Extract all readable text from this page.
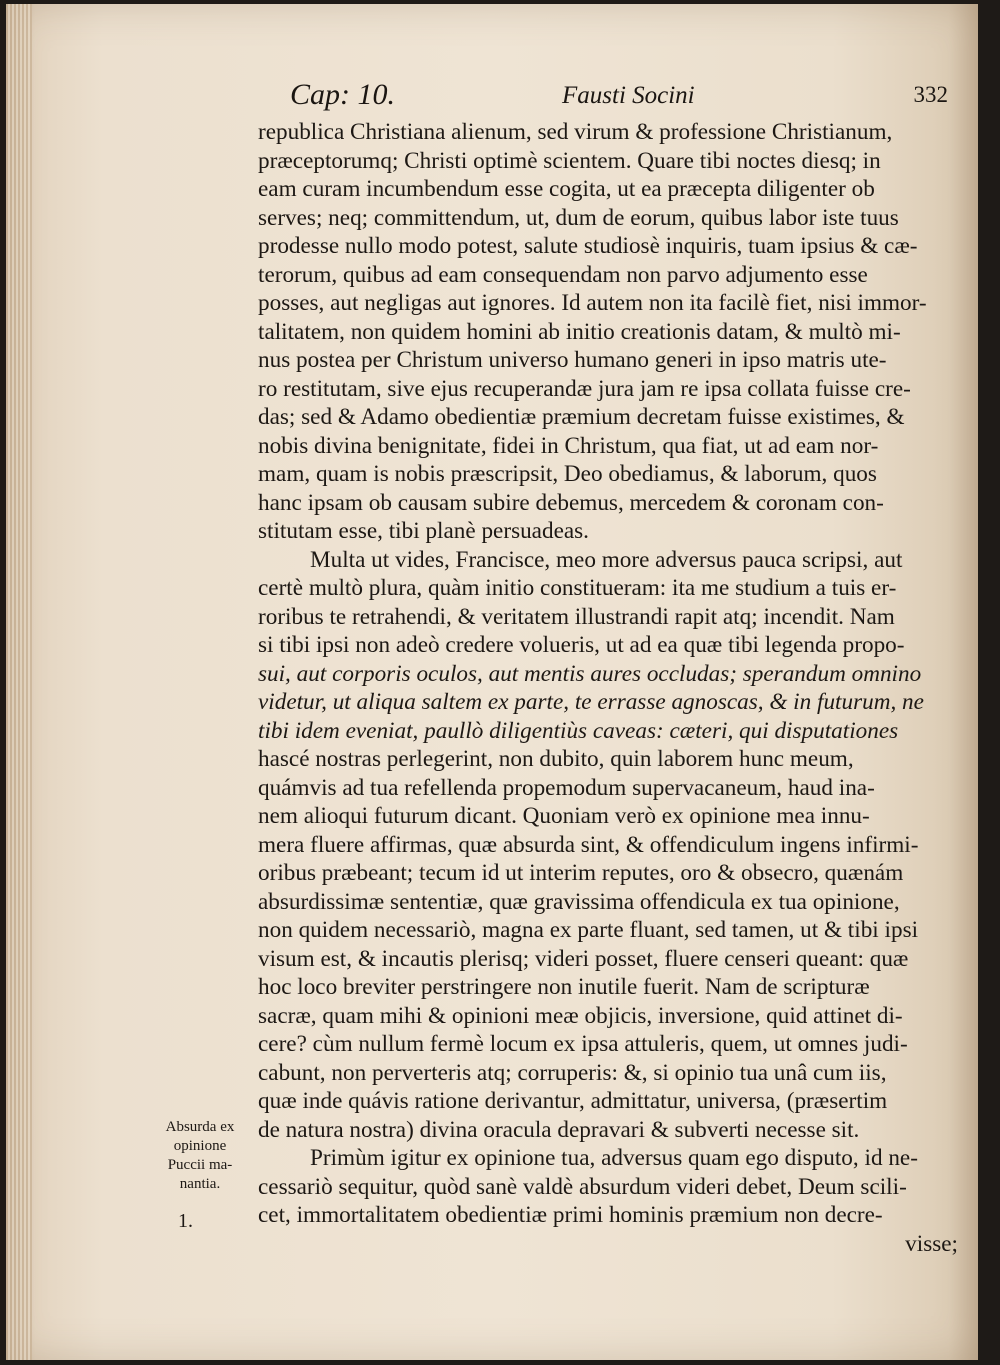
Cap: 10.	Fausti Socini	332
republica Christiana alienum, sed virum & professione Christianum,
præceptorumq; Christi optimè scientem. Quare tibi noctes diesq; in
eam curam incumbendum esse cogita, ut ea præcepta diligenter ob
serves; neq; committendum, ut, dum de eorum, quibus labor iste tuus
prodesse nullo modo potest, salute studiosè inquiris, tuam ipsius & cæ-
terorum, quibus ad eam consequendam non parvo adjumento esse
posses, aut negligas aut ignores. Id autem non ita facilè fiet, nisi immor-
talitatem, non quidem homini ab initio creationis datam, & multò mi-
nus postea per Christum universo humano generi in ipso matris ute-
ro restitutam, sive ejus recuperandæ jura jam re ipsa collata fuisse cre-
das; sed & Adamo obedientiæ præmium decretam fuisse existimes, &
nobis divina benignitate, fidei in Christum, qua fiat, ut ad eam nor-
mam, quam is nobis præscripsit, Deo obediamus, & laborum, quos
hanc ipsam ob causam subire debemus, mercedem & coronam con-
stitutam esse, tibi planè persuadeas.
Multa ut vides, Francisce, meo more adversus pauca scripsi, aut
certè multò plura, quàm initio constitueram: ita me studium a tuis er-
roribus te retrahendi, & veritatem illustrandi rapit atq; incendit. Nam
si tibi ipsi non adeò credere volueris, ut ad ea quæ tibi legenda propo-
sui, aut corporis oculos, aut mentis aures occludas; sperandum omnino
videtur, ut aliqua saltem ex parte, te errasse agnoscas, & in futurum, ne
tibi idem eveniat, paullò diligentiùs caveas: cæteri, qui disputationes
hascé nostras perlegerint, non dubito, quin laborem hunc meum,
quámvis ad tua refellenda propemodum supervacaneum, haud ina-
nem alioqui futurum dicant. Quoniam verò ex opinione mea innu-
mera fluere affirmas, quæ absurda sint, & offendiculum ingens infirmi-
oribus præbeant; tecum id ut interim reputes, oro & obsecro, quænám
absurdissimæ sententiæ, quæ gravissima offendicula ex tua opinione,
non quidem necessariò, magna ex parte fluant, sed tamen, ut & tibi ipsi
visum est, & incautis plerisq; videri posset, fluere censeri queant: quæ
hoc loco breviter perstringere non inutile fuerit. Nam de scripturæ
sacræ, quam mihi & opinioni meæ objicis, inversione, quid attinet di-
cere? cùm nullum fermè locum ex ipsa attuleris, quem, ut omnes judi-
cabunt, non perverteris atq; corruperis: &, si opinio tua unâ cum iis,
quæ inde quávis ratione derivantur, admittatur, universa, (præsertim
de natura nostra) divina oracula depravari & subverti necesse sit.
Primùm igitur ex opinione tua, adversus quam ego disputo, id ne-
cessariò sequitur, quòd sanè valdè absurdum videri debet, Deum scili-
cet, immortalitatem obedientiæ primi hominis præmium non decre-
visse;
Absurda ex
opinione
Puccii ma-
nantia.
1.
